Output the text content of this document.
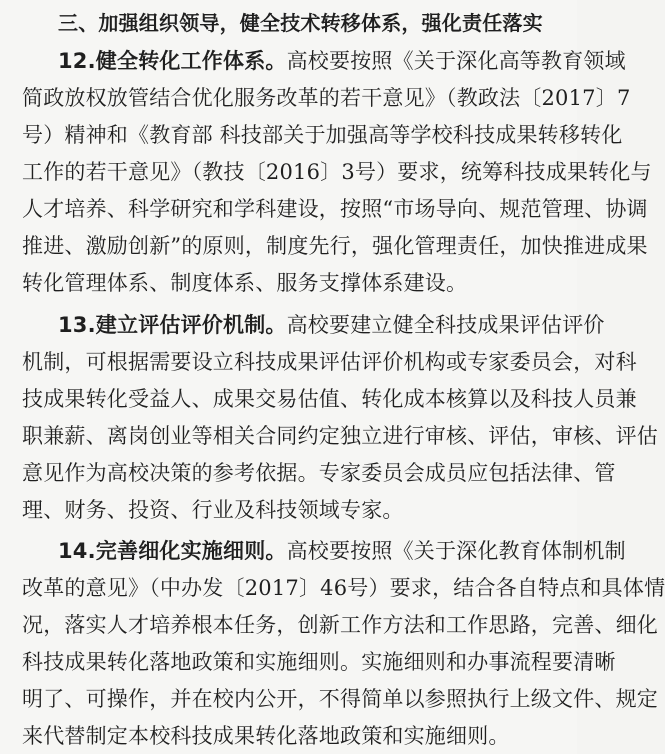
三、加强组织领导，健全技术转移体系，强化责任落实
12.健全转化工作体系。高校要按照《关于深化高等教育领域
简政放权放管结合优化服务改革的若干意见》（教政法〔2017〕7
号）精神和《教育部 科技部关于加强高等学校科技成果转移转化
工作的若干意见》（教技〔2016〕3号）要求，统筹科技成果转化与
人才培养、科学研究和学科建设，按照“市场导向、规范管理、协调
推进、激励创新”的原则，制度先行，强化管理责任，加快推进成果
转化管理体系、制度体系、服务支撑体系建设。
13.建立评估评价机制。高校要建立健全科技成果评估评价
机制，可根据需要设立科技成果评估评价机构或专家委员会，对科
技成果转化受益人、成果交易估值、转化成本核算以及科技人员兼
职兼薪、离岗创业等相关合同约定独立进行审核、评估，审核、评估
意见作为高校决策的参考依据。专家委员会成员应包括法律、管
理、财务、投资、行业及科技领域专家。
14.完善细化实施细则。高校要按照《关于深化教育体制机制
改革的意见》（中办发〔2017〕46号）要求，结合各自特点和具体情
况，落实人才培养根本任务，创新工作方法和工作思路，完善、细化
科技成果转化落地政策和实施细则。实施细则和办事流程要清晰
明了、可操作，并在校内公开，不得简单以参照执行上级文件、规定
来代替制定本校科技成果转化落地政策和实施细则。
